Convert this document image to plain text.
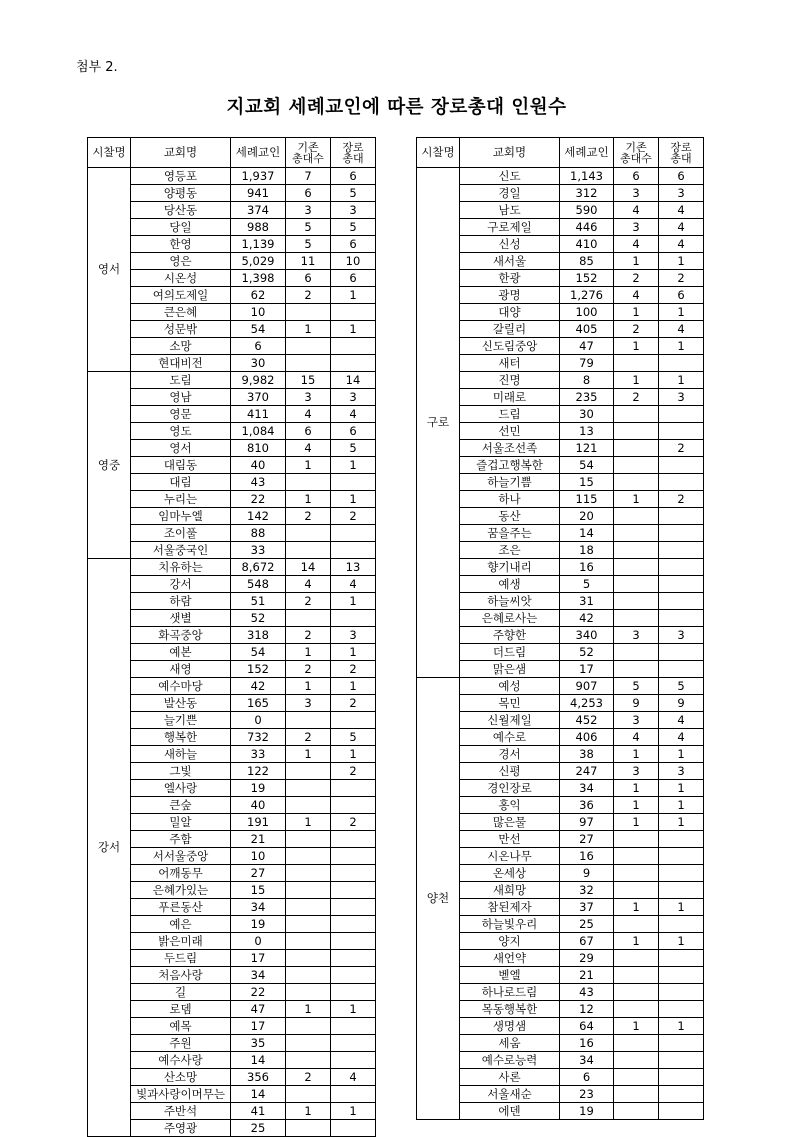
첨부 2.
지교회 세례교인에 따른 장로총대 인원수
시찰명	교회명	세례교인	기존
총대수	장로
총대
영서	영등포	1,937	7	6
	양평동	941	6	5
	당산동	374	3	3
	당일	988	5	5
	한영	1,139	5	6
	영은	5,029	11	10
	시온성	1,398	6	6
	여의도제일	62	2	1
	큰은혜	10		
	성문밖	54	1	1
	소망	6		
	현대비전	30		
영중	도림	9,982	15	14
	영남	370	3	3
	영문	411	4	4
	영도	1,084	6	6
	영서	810	4	5
	대림동	40	1	1
	대림	43		
	누리는	22	1	1
	임마누엘	142	2	2
	조이풀	88		
	서울중국인	33		
강서	치유하는	8,672	14	13
	강서	548	4	4
	하람	51	2	1
	샛별	52		
	화곡중앙	318	2	3
	예본	54	1	1
	새영	152	2	2
	예수마당	42	1	1
	발산동	165	3	2
	늘기쁜	0		
	행복한	732	2	5
	새하늘	33	1	1
	그빛	122		2
	엘사랑	19		
	큰숲	40		
	밀알	191	1	2
	주함	21		
	서서울중앙	10		
	어깨동무	27		
	은혜가있는	15		
	푸른동산	34		
	예은	19		
	밝은미래	0		
	두드림	17		
	처음사랑	34		
	길	22		
	로뎀	47	1	1
	예목	17		
	주원	35		
	예수사랑	14		
	산소망	356	2	4
	빛과사랑이머무는	14		
	주반석	41	1	1
	주영광	25		
시찰명	교회명	세례교인	기존
총대수	장로
총대
구로	신도	1,143	6	6
	경일	312	3	3
	남도	590	4	4
	구로제일	446	3	4
	신성	410	4	4
	새서울	85	1	1
	한광	152	2	2
	광명	1,276	4	6
	대양	100	1	1
	갈릴리	405	2	4
	신도림중앙	47	1	1
	새터	79		
	진명	8	1	1
	미래로	235	2	3
	드림	30		
	선민	13		
	서울조선족	121		2
	즐겁고행복한	54		
	하늘기쁨	15		
	하나	115	1	2
	동산	20		
	꿈을주는	14		
	조은	18		
	향기내리	16		
	예생	5		
	하늘씨앗	31		
	은혜로사는	42		
	주향한	340	3	3
	더드림	52		
	맑은샘	17		
양천	예성	907	5	5
	목민	4,253	9	9
	신월제일	452	3	4
	예수로	406	4	4
	경서	38	1	1
	신평	247	3	3
	경인장로	34	1	1
	홍익	36	1	1
	많은물	97	1	1
	만선	27		
	시온나무	16		
	온세상	9		
	새희망	32		
	참된제자	37	1	1
	하늘빛우리	25		
	양지	67	1	1
	새언약	29		
	벧엘	21		
	하나로드림	43		
	목동행복한	12		
	생명샘	64	1	1
	세움	16		
	예수로능력	34		
	사론	6		
	서울새순	23		
	에덴	19		
